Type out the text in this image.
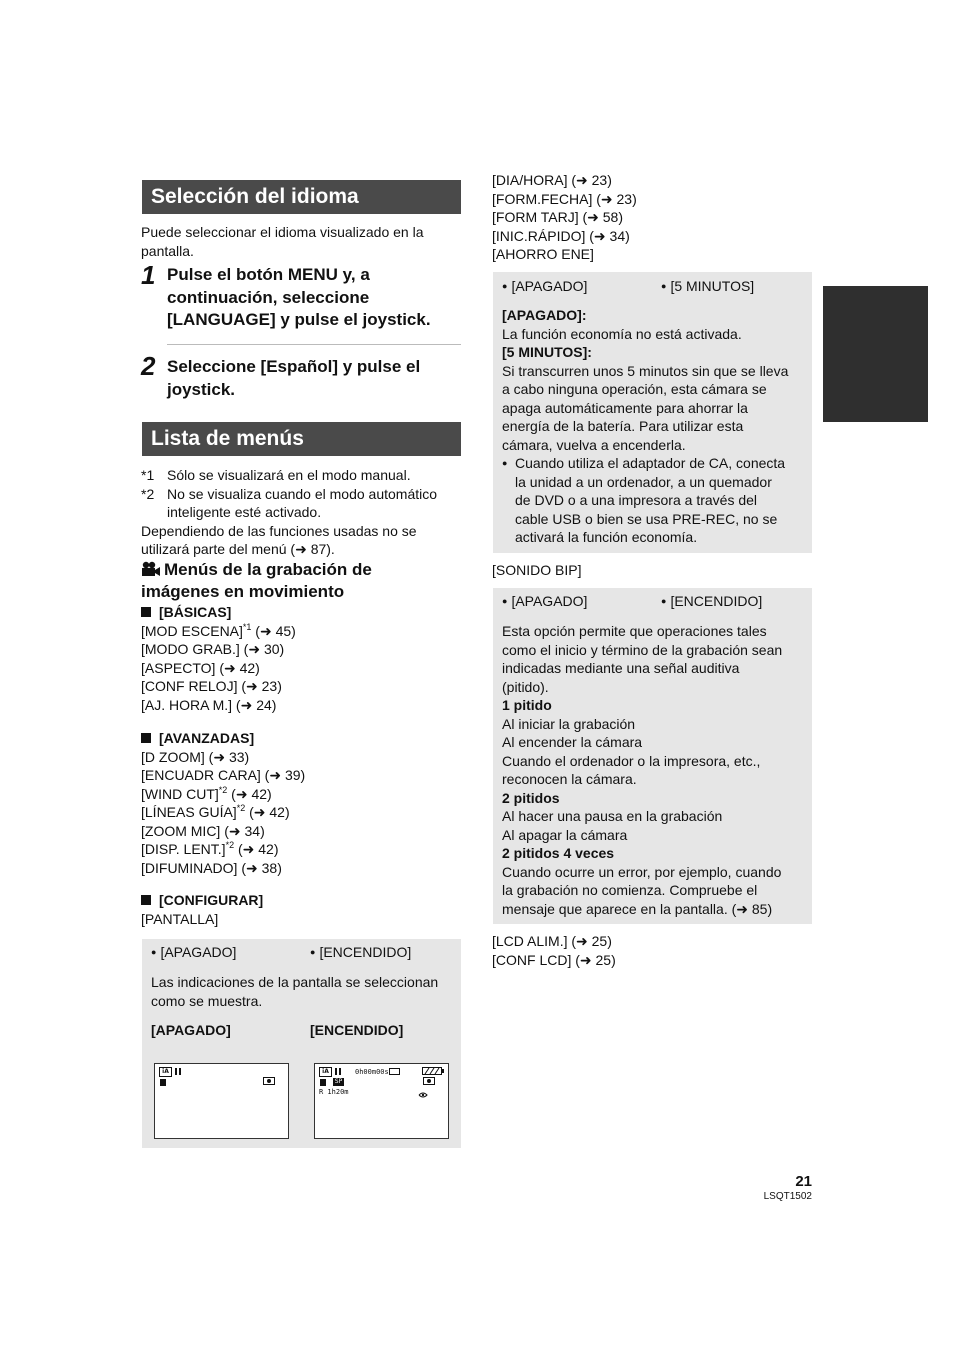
Selección del idioma
Puede seleccionar el idioma visualizado en la
pantalla.
1 Pulse el botón MENU y, a
continuación, seleccione
[LANGUAGE] y pulse el joystick.
2 Seleccione [Español] y pulse el
joystick.
Lista de menús
*1 Sólo se visualizará en el modo manual.
*2 No se visualiza cuando el modo automático
inteligente esté activado.
Dependiendo de las funciones usadas no se
utilizará parte del menú (➜ 87).
Menús de la grabación de
imágenes en movimiento
[BÁSICAS]
[MOD ESCENA]$^{*1}$ (➜ 45)
[MODO GRAB.] (➜ 30)
[ASPECTO] (➜ 42)
[CONF RELOJ] (➜ 23)
[AJ. HORA M.] (➜ 24)
[AVANZADAS]
[D ZOOM] (➜ 33)
[ENCUADR CARA] (➜ 39)
[WIND CUT]$^{*2}$ (➜ 42)
[LÍNEAS GUÍA]$^{*2}$ (➜ 42)
[ZOOM MIC] (➜ 34)
[DISP. LENT.]$^{*2}$ (➜ 42)
[DIFUMINADO] (➜ 38)
[CONFIGURAR]
[PANTALLA]
● [APAGADO]	● [ENCENDIDO]
Las indicaciones de la pantalla se seleccionan
como se muestra.
[APAGADO]	[ENCENDIDO]
iA	iA	0h00m00s
SP
R 1h20m
[DIA/HORA] (➜ 23)
[FORM.FECHA] (➜ 23)
[FORM TARJ] (➜ 58)
[INIC.RÁPIDO] (➜ 34)
[AHORRO ENE]
● [APAGADO]	● [5 MINUTOS]
[APAGADO]:
La función economía no está activada.
[5 MINUTOS]:
Si transcurren unos 5 minutos sin que se lleva
a cabo ninguna operación, esta cámara se
apaga automáticamente para ahorrar la
energía de la batería. Para utilizar esta
cámara, vuelva a encenderla.
● Cuando utiliza el adaptador de CA, conecta
la unidad a un ordenador, a un quemador
de DVD o a una impresora a través del
cable USB o bien se usa PRE-REC, no se
activará la función economía.
[SONIDO BIP]
● [APAGADO]	● [ENCENDIDO]
Esta opción permite que operaciones tales
como el inicio y término de la grabación sean
indicadas mediante una señal auditiva
(pitido).
1 pitido
Al iniciar la grabación
Al encender la cámara
Cuando el ordenador o la impresora, etc.,
reconocen la cámara.
2 pitidos
Al hacer una pausa en la grabación
Al apagar la cámara
2 pitidos 4 veces
Cuando ocurre un error, por ejemplo, cuando
la grabación no comienza. Compruebe el
mensaje que aparece en la pantalla. (➜ 85)
[LCD ALIM.] (➜ 25)
[CONF LCD] (➜ 25)
21
LSQT1502
